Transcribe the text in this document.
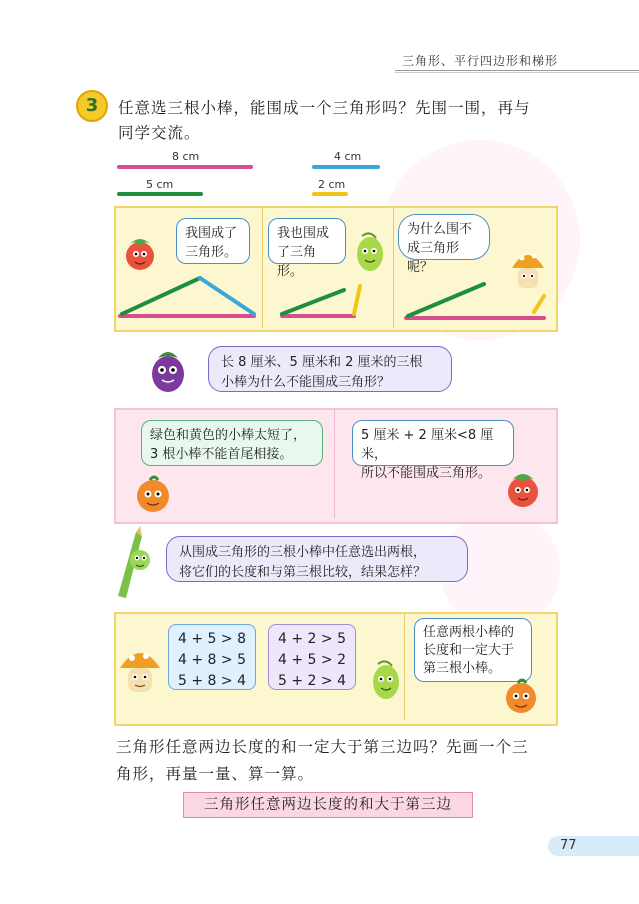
三角形、平行四边形和梯形
3	任意选三根小棒，能围成一个三角形吗？先围一围，再与
同学交流。
8 cm	4 cm
5 cm	2 cm
我围成了
三角形。
我也围成
了三角形。
为什么围不
成三角形呢？
长 8 厘米、5 厘米和 2 厘米的三根
小棒为什么不能围成三角形？
绿色和黄色的小棒太短了，
3 根小棒不能首尾相接。
5 厘米 + 2 厘米<8 厘米，
所以不能围成三角形。
从围成三角形的三根小棒中任意选出两根，
将它们的长度和与第三根比较，结果怎样？
4 + 5 > 8
4 + 8 > 5
5 + 8 > 4
4 + 2 > 5
4 + 5 > 2
5 + 2 > 4
任意两根小棒的
长度和一定大于
第三根小棒。
三角形任意两边长度的和一定大于第三边吗？先画一个三
角形，再量一量、算一算。
三角形任意两边长度的和大于第三边
77
